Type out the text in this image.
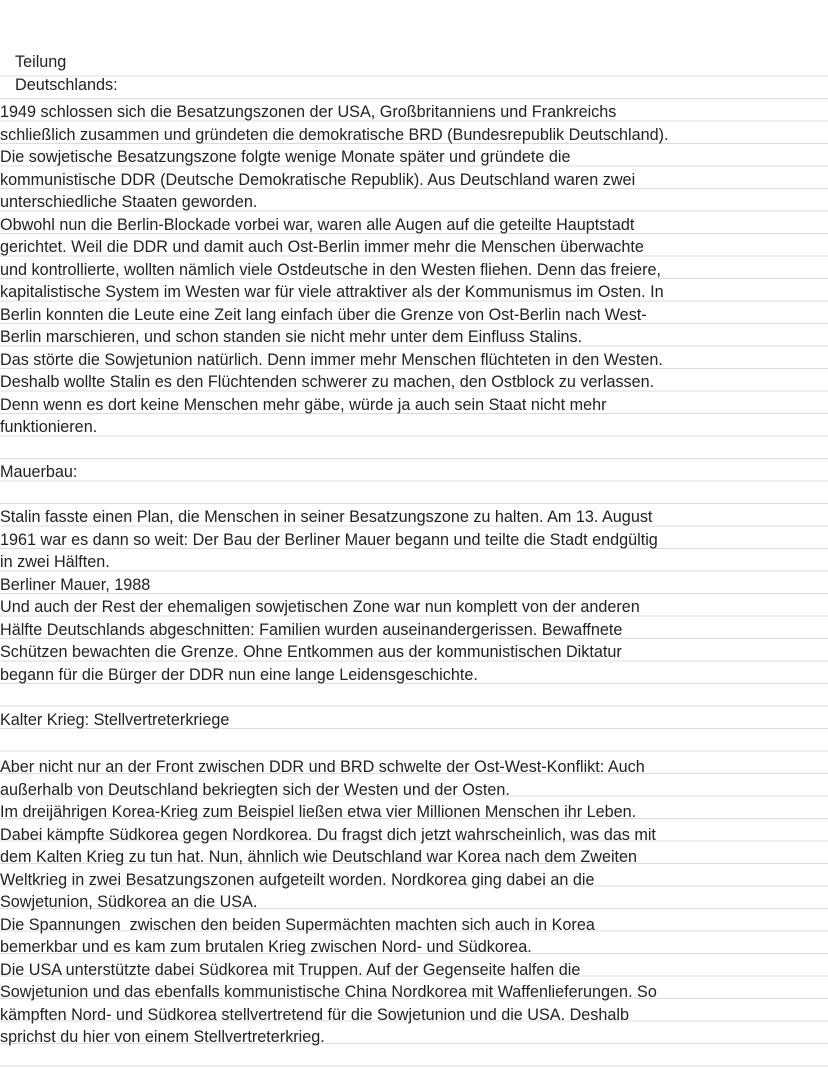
Teilung
Deutschlands:
1949 schlossen sich die Besatzungszonen der USA, Großbritanniens und Frankreichs
schließlich zusammen und gründeten die demokratische BRD (Bundesrepublik Deutschland).
Die sowjetische Besatzungszone folgte wenige Monate später und gründete die
kommunistische DDR (Deutsche Demokratische Republik). Aus Deutschland waren zwei
unterschiedliche Staaten geworden.
Obwohl nun die Berlin-Blockade vorbei war, waren alle Augen auf die geteilte Hauptstadt
gerichtet. Weil die DDR und damit auch Ost-Berlin immer mehr die Menschen überwachte
und kontrollierte, wollten nämlich viele Ostdeutsche in den Westen fliehen. Denn das freiere,
kapitalistische System im Westen war für viele attraktiver als der Kommunismus im Osten. In
Berlin konnten die Leute eine Zeit lang einfach über die Grenze von Ost-Berlin nach West-
Berlin marschieren, und schon standen sie nicht mehr unter dem Einfluss Stalins.
Das störte die Sowjetunion natürlich. Denn immer mehr Menschen flüchteten in den Westen.
Deshalb wollte Stalin es den Flüchtenden schwerer zu machen, den Ostblock zu verlassen.
Denn wenn es dort keine Menschen mehr gäbe, würde ja auch sein Staat nicht mehr
funktionieren.
Mauerbau:
Stalin fasste einen Plan, die Menschen in seiner Besatzungszone zu halten. Am 13. August
1961 war es dann so weit: Der Bau der Berliner Mauer begann und teilte die Stadt endgültig
in zwei Hälften.
Berliner Mauer, 1988
Und auch der Rest der ehemaligen sowjetischen Zone war nun komplett von der anderen
Hälfte Deutschlands abgeschnitten: Familien wurden auseinandergerissen. Bewaffnete
Schützen bewachten die Grenze. Ohne Entkommen aus der kommunistischen Diktatur
begann für die Bürger der DDR nun eine lange Leidensgeschichte.
Kalter Krieg: Stellvertreterkriege
Aber nicht nur an der Front zwischen DDR und BRD schwelte der Ost-West-Konflikt: Auch
außerhalb von Deutschland bekriegten sich der Westen und der Osten.
Im dreijährigen Korea-Krieg zum Beispiel ließen etwa vier Millionen Menschen ihr Leben.
Dabei kämpfte Südkorea gegen Nordkorea. Du fragst dich jetzt wahrscheinlich, was das mit
dem Kalten Krieg zu tun hat. Nun, ähnlich wie Deutschland war Korea nach dem Zweiten
Weltkrieg in zwei Besatzungszonen aufgeteilt worden. Nordkorea ging dabei an die
Sowjetunion, Südkorea an die USA.
Die Spannungen  zwischen den beiden Supermächten machten sich auch in Korea
bemerkbar und es kam zum brutalen Krieg zwischen Nord- und Südkorea.
Die USA unterstützte dabei Südkorea mit Truppen. Auf der Gegenseite halfen die
Sowjetunion und das ebenfalls kommunistische China Nordkorea mit Waffenlieferungen. So
kämpften Nord- und Südkorea stellvertretend für die Sowjetunion und die USA. Deshalb
sprichst du hier von einem Stellvertreterkrieg.
